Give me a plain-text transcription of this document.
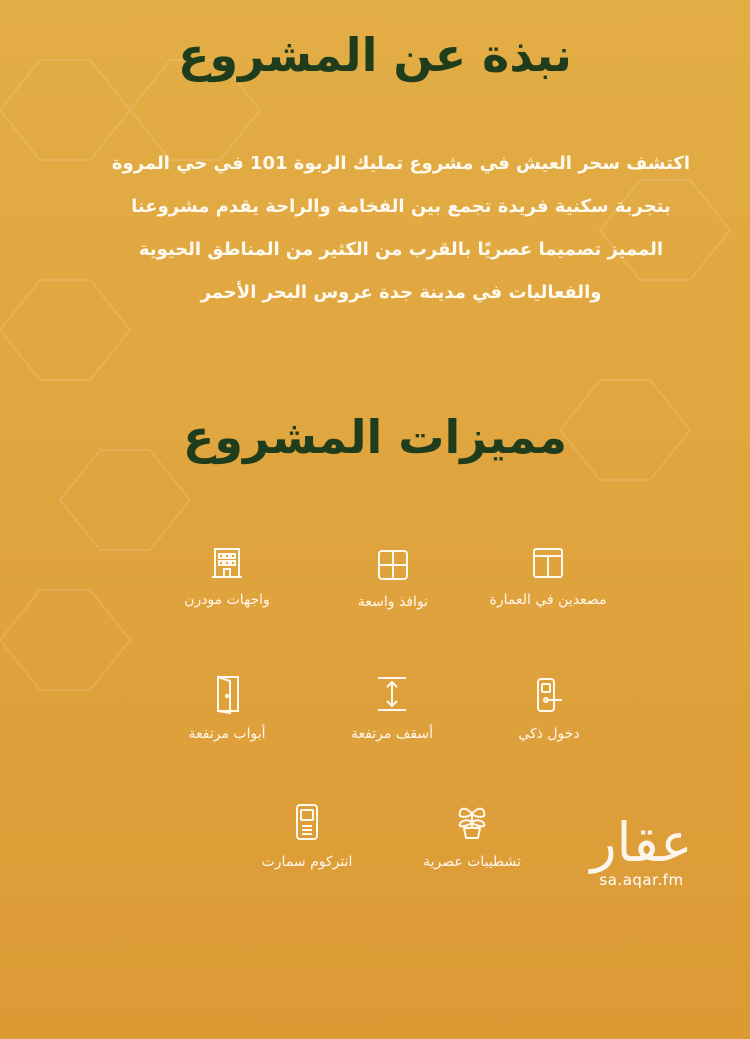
نبذة عن المشروع
اكتشف سحر العيش في مشروع تمليك الربوة 101 في حي المروة
بتجربة سكنية فريدة تجمع بين الفخامة والراحة يقدم مشروعنا
المميز تصميما عصريًا بالقرب من الكثير من المناطق الحيوية
والفعاليات في مدينة جدة عروس البحر الأحمر
مميزات المشروع
مصعدين في العمارة
نوافذ واسعة
واجهات مودرن
دخول ذكي
أسقف مرتفعة
أبواب مرتفعة
تشطيبات عصرية
انتركوم سمارت	عقار
sa.aqar.fm
